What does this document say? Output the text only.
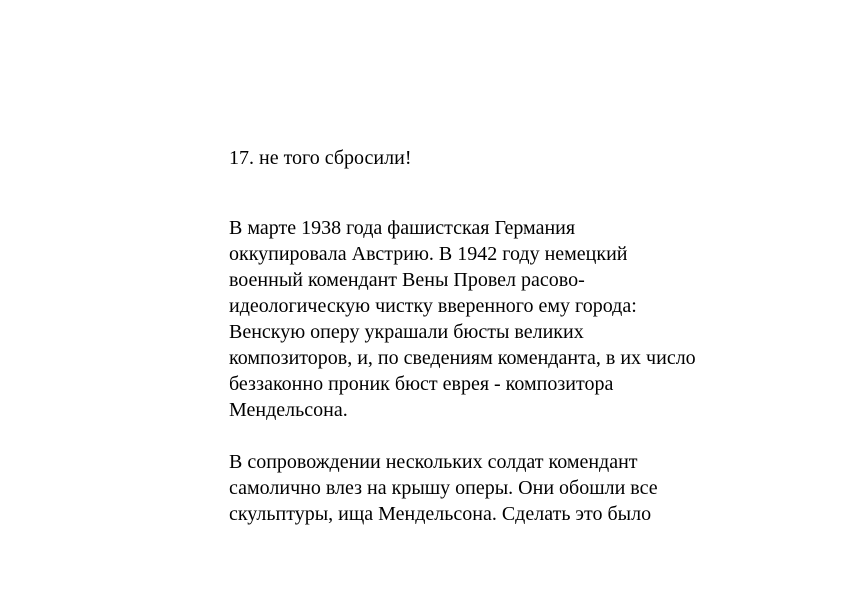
17. не того сбросили!

В марте 1938 года фашистская Германия
оккупировала Австрию. В 1942 году немецкий
военный комендант Вены Провел расово-
идеологическую чистку вверенного ему города:
Венскую оперу украшали бюсты великих
композиторов, и, по сведениям коменданта, в их число
беззаконно проник бюст еврея - композитора
Мендельсона.

В сопровождении нескольких солдат комендант
самолично влез на крышу оперы. Они обошли все
скульптуры, ища Мендельсона. Сделать это было
